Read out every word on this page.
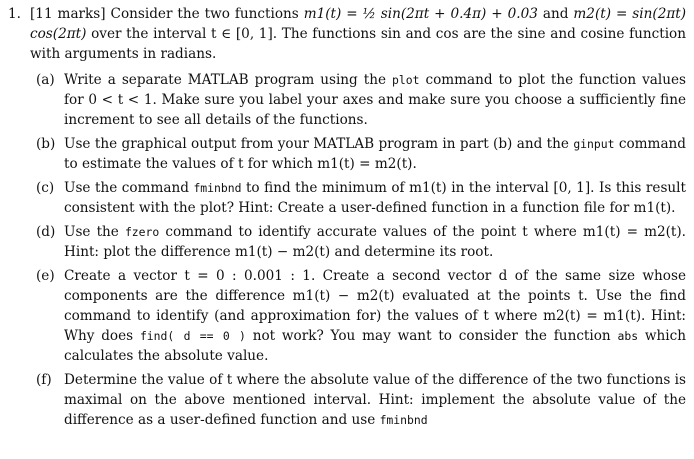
1. [11 marks] Consider the two functions m1(t) = ½ sin(2πt + 0.4π) + 0.03 and m2(t) = sin(2πt) cos(2πt) over the interval t ∈ [0, 1]. The functions sin and cos are the sine and cosine function with arguments in radians.

(a) Write a separate MATLAB program using the plot command to plot the function values for 0 < t < 1. Make sure you label your axes and make sure you choose a sufficiently fine increment to see all details of the functions.

(b) Use the graphical output from your MATLAB program in part (b) and the ginput command to estimate the values of t for which m1(t) = m2(t).

(c) Use the command fminbnd to find the minimum of m1(t) in the interval [0, 1]. Is this result consistent with the plot? Hint: Create a user-defined function in a function file for m1(t).

(d) Use the fzero command to identify accurate values of the point t where m1(t) = m2(t). Hint: plot the difference m1(t) − m2(t) and determine its root.

(e) Create a vector t = 0 : 0.001 : 1. Create a second vector d of the same size whose components are the difference m1(t) − m2(t) evaluated at the points t. Use the find command to identify (and approximation for) the values of t where m2(t) = m1(t). Hint: Why does find( d == 0 ) not work? You may want to consider the function abs which calculates the absolute value.

(f) Determine the value of t where the absolute value of the difference of the two functions is maximal on the above mentioned interval. Hint: implement the absolute value of the difference as a user-defined function and use fminbnd
